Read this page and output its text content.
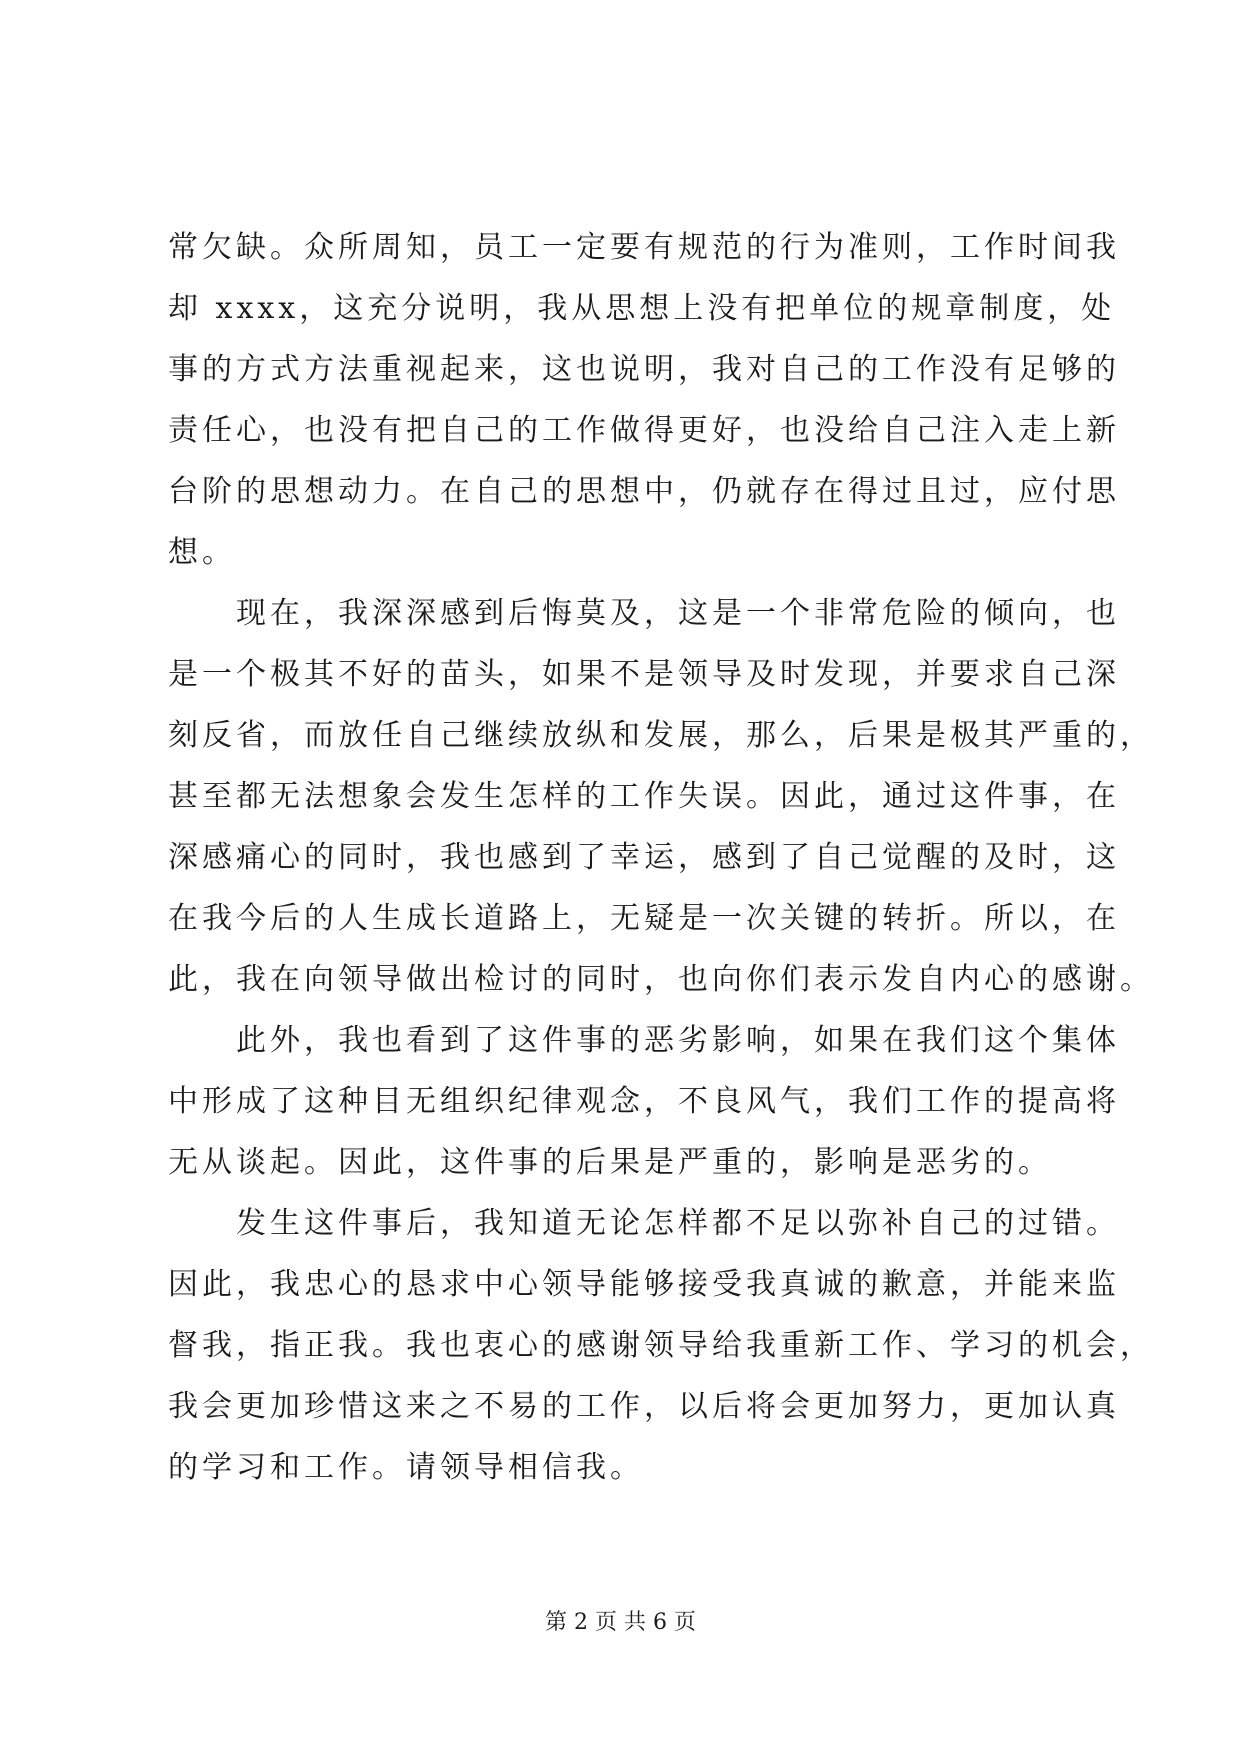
常欠缺。众所周知，员工一定要有规范的行为准则，工作时间我
却 xxxx，这充分说明，我从思想上没有把单位的规章制度，处
事的方式方法重视起来，这也说明，我对自己的工作没有足够的
责任心，也没有把自己的工作做得更好，也没给自己注入走上新
台阶的思想动力。在自己的思想中，仍就存在得过且过，应付思
想。
现在，我深深感到后悔莫及，这是一个非常危险的倾向，也
是一个极其不好的苗头，如果不是领导及时发现，并要求自己深
刻反省，而放任自己继续放纵和发展，那么，后果是极其严重的，
甚至都无法想象会发生怎样的工作失误。因此，通过这件事，在
深感痛心的同时，我也感到了幸运，感到了自己觉醒的及时，这
在我今后的人生成长道路上，无疑是一次关键的转折。所以，在
此，我在向领导做出检讨的同时，也向你们表示发自内心的感谢。
此外，我也看到了这件事的恶劣影响，如果在我们这个集体
中形成了这种目无组织纪律观念，不良风气，我们工作的提高将
无从谈起。因此，这件事的后果是严重的，影响是恶劣的。
发生这件事后，我知道无论怎样都不足以弥补自己的过错。
因此，我忠心的恳求中心领导能够接受我真诚的歉意，并能来监
督我，指正我。我也衷心的感谢领导给我重新工作、学习的机会，
我会更加珍惜这来之不易的工作，以后将会更加努力，更加认真
的学习和工作。请领导相信我。
第 2 页 共 6 页
